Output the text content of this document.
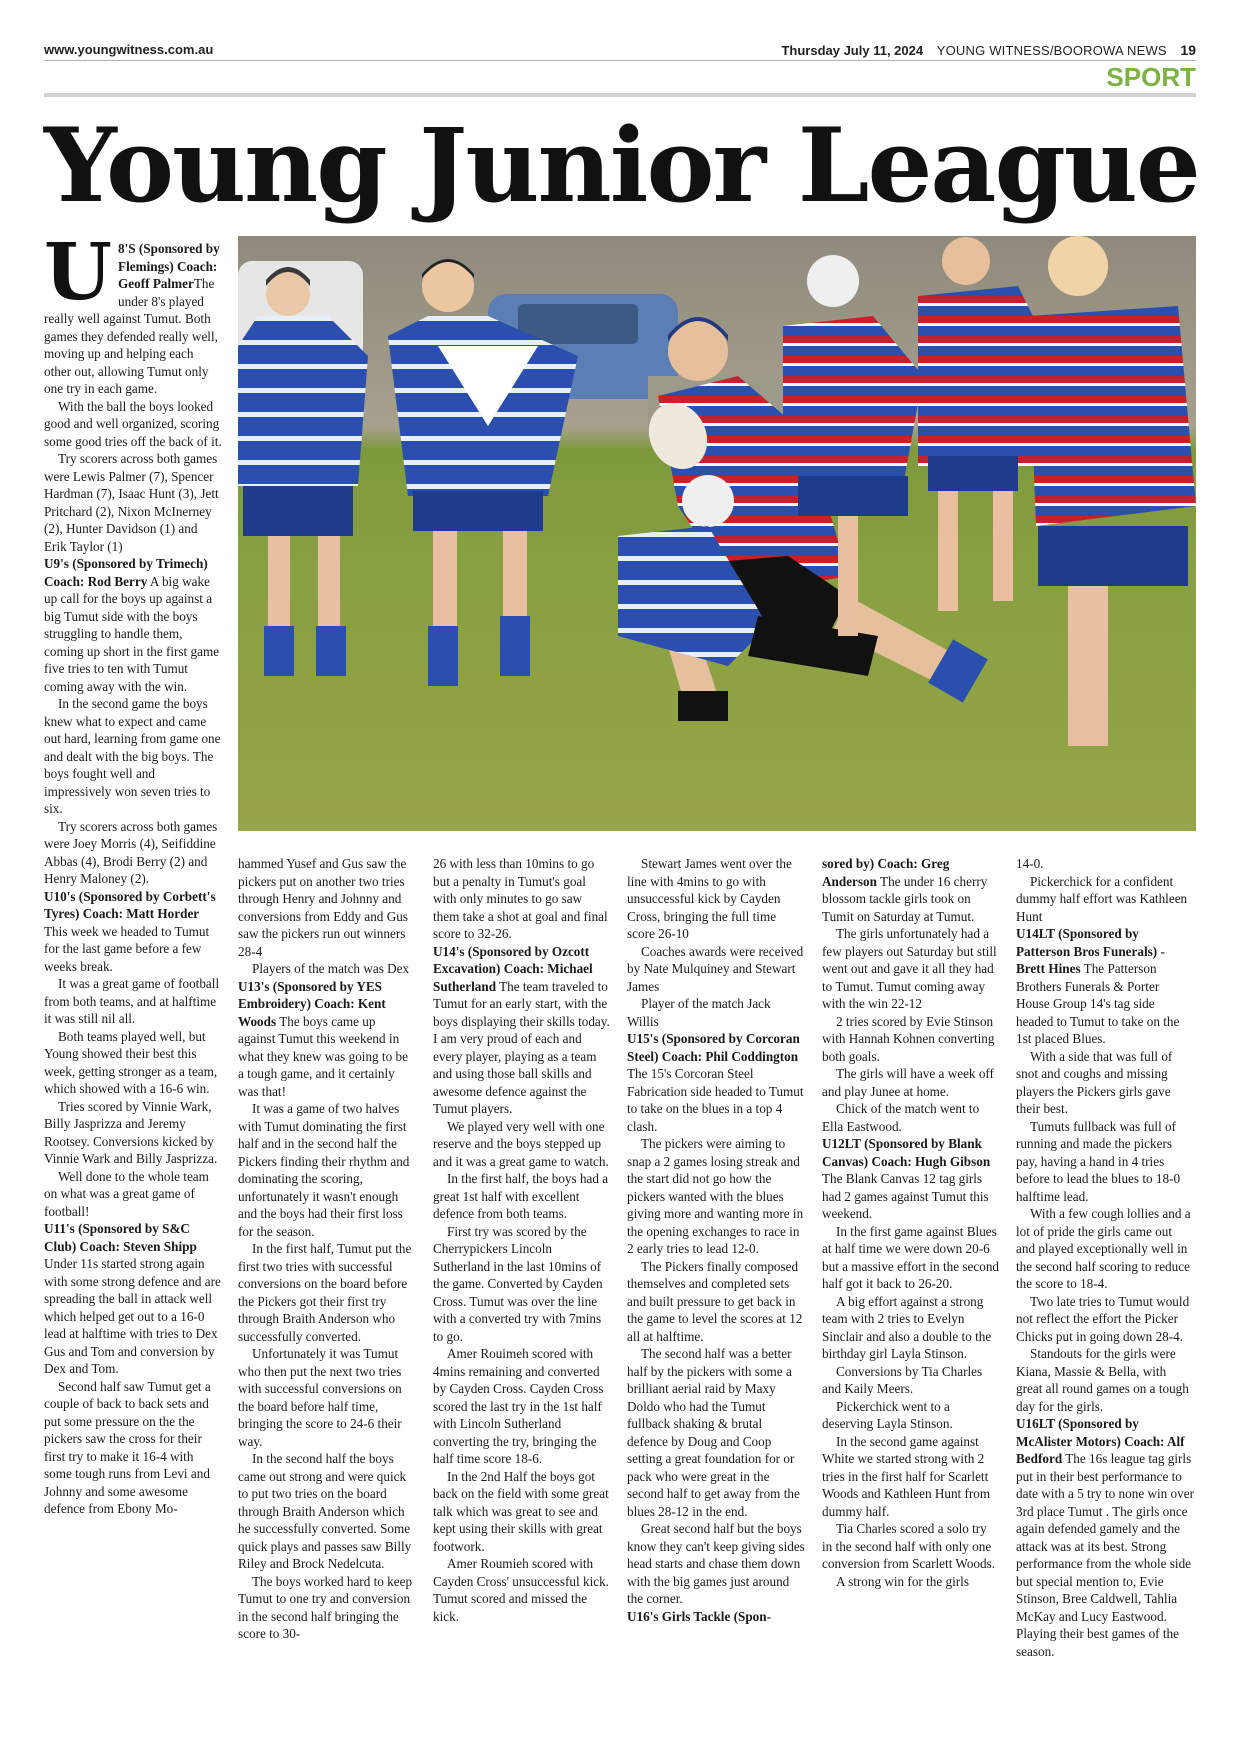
www.youngwitness.com.au	Thursday July 11, 2024 YOUNG WITNESS/BOOROWA NEWS 19
SPORT
Young Junior League

U 8'S (Sponsored by Flemings) Coach: Geoff PalmerThe under 8's played really well against Tumut. Both games they defended really well, moving up and helping each other out, allowing Tumut only one try in each game.

With the ball the boys looked good and well organized, scoring some good tries off the back of it.

Try scorers across both games were Lewis Palmer (7), Spencer Hardman (7), Isaac Hunt (3), Jett Pritchard (2), Nixon McInerney (2), Hunter Davidson (1) and Erik Taylor (1)

U9's (Sponsored by Trimech) Coach: Rod Berry A big wake up call for the boys up against a big Tumut side with the boys struggling to handle them, coming up short in the first game five tries to ten with Tumut coming away with the win.

In the second game the boys knew what to expect and came out hard, learning from game one and dealt with the big boys. The boys fought well and impressively won seven tries to six.

Try scorers across both games were Joey Morris (4), Seifiddine Abbas (4), Brodi Berry (2) and Henry Maloney (2).

U10's (Sponsored by Corbett's Tyres) Coach: Matt Horder This week we headed to Tumut for the last game before a few weeks break.

It was a great game of football from both teams, and at halftime it was still nil all.

Both teams played well, but Young showed their best this week, getting stronger as a team, which showed with a 16-6 win.

Tries scored by Vinnie Wark, Billy Jasprizza and Jeremy Rootsey. Conversions kicked by Vinnie Wark and Billy Jasprizza.

Well done to the whole team on what was a great game of football!

U11's (Sponsored by S&C Club) Coach: Steven Shipp Under 11s started strong again with some strong defence and are spreading the ball in attack well which helped get out to a 16-0 lead at halftime with tries to Dex Gus and Tom and conversion by Dex and Tom.

Second half saw Tumut get a couple of back to back sets and put some pressure on the the pickers saw the cross for their first try to make it 16-4 with some tough runs from Levi and Johnny and some awesome defence from Ebony Mo-

hammed Yusef and Gus saw the pickers put on another two tries through Henry and Johnny and conversions from Eddy and Gus saw the pickers run out winners 28-4

Players of the match was Dex

U13's (Sponsored by YES Embroidery) Coach: Kent Woods The boys came up against Tumut this weekend in what they knew was going to be a tough game, and it certainly was that!

It was a game of two halves with Tumut dominating the first half and in the second half the Pickers finding their rhythm and dominating the scoring, unfortunately it wasn't enough and the boys had their first loss for the season.

In the first half, Tumut put the first two tries with successful conversions on the board before the Pickers got their first try through Braith Anderson who successfully converted.

Unfortunately it was Tumut who then put the next two tries with successful conversions on the board before half time, bringing the score to 24-6 their way.

In the second half the boys came out strong and were quick to put two tries on the board through Braith Anderson which he successfully converted. Some quick plays and passes saw Billy Riley and Brock Nedelcuta.

The boys worked hard to keep Tumut to one try and conversion in the second half bringing the score to 30-

26 with less than 10mins to go but a penalty in Tumut's goal with only minutes to go saw them take a shot at goal and final score to 32-26.

U14's (Sponsored by Ozcott Excavation) Coach: Michael Sutherland The team traveled to Tumut for an early start, with the boys displaying their skills today. I am very proud of each and every player, playing as a team and using those ball skills and awesome defence against the Tumut players.

We played very well with one reserve and the boys stepped up and it was a great game to watch.

In the first half, the boys had a great 1st half with excellent defence from both teams.

First try was scored by the Cherrypickers Lincoln Sutherland in the last 10mins of the game. Converted by Cayden Cross. Tumut was over the line with a converted try with 7mins to go.

Amer Rouimeh scored with 4mins remaining and converted by Cayden Cross. Cayden Cross scored the last try in the 1st half with Lincoln Sutherland converting the try, bringing the half time score 18-6.

In the 2nd Half the boys got back on the field with some great talk which was great to see and kept using their skills with great footwork.

Amer Roumieh scored with Cayden Cross' unsuccessful kick. Tumut scored and missed the kick.

Stewart James went over the line with 4mins to go with unsuccessful kick by Cayden Cross, bringing the full time score 26-10

Coaches awards were received by Nate Mulquiney and Stewart James

Player of the match Jack Willis

U15's (Sponsored by Corcoran Steel) Coach: Phil Coddington The 15's Corcoran Steel Fabrication side headed to Tumut to take on the blues in a top 4 clash.

The pickers were aiming to snap a 2 games losing streak and the start did not go how the pickers wanted with the blues giving more and wanting more in the opening exchanges to race in 2 early tries to lead 12-0.

The Pickers finally composed themselves and completed sets and built pressure to get back in the game to level the scores at 12 all at halftime.

The second half was a better half by the pickers with some a brilliant aerial raid by Maxy Doldo who had the Tumut fullback shaking & brutal defence by Doug and Coop setting a great foundation for or pack who were great in the second half to get away from the blues 28-12 in the end.

Great second half but the boys know they can't keep giving sides head starts and chase them down with the big games just around the corner.

U16's Girls Tackle (Spon-

sored by) Coach: Greg Anderson The under 16 cherry blossom tackle girls took on Tumit on Saturday at Tumut.

The girls unfortunately had a few players out Saturday but still went out and gave it all they had to Tumut. Tumut coming away with the win 22-12

2 tries scored by Evie Stinson with Hannah Kohnen converting both goals.

The girls will have a week off and play Junee at home.

Chick of the match went to Ella Eastwood.

U12LT (Sponsored by Blank Canvas) Coach: Hugh Gibson The Blank Canvas 12 tag girls had 2 games against Tumut this weekend.

In the first game against Blues at half time we were down 20-6 but a massive effort in the second half got it back to 26-20.

A big effort against a strong team with 2 tries to Evelyn Sinclair and also a double to the birthday girl Layla Stinson.

Conversions by Tia Charles and Kaily Meers.

Pickerchick went to a deserving Layla Stinson.

In the second game against White we started strong with 2 tries in the first half for Scarlett Woods and Kathleen Hunt from dummy half.

Tia Charles scored a solo try in the second half with only one conversion from Scarlett Woods.

A strong win for the girls

14-0.

Pickerchick for a confident dummy half effort was Kathleen Hunt

U14LT (Sponsored by Patterson Bros Funerals) - Brett Hines The Patterson Brothers Funerals & Porter House Group 14's tag side headed to Tumut to take on the 1st placed Blues.

With a side that was full of snot and coughs and missing players the Pickers girls gave their best.

Tumuts fullback was full of running and made the pickers pay, having a hand in 4 tries before to lead the blues to 18-0 halftime lead.

With a few cough lollies and a lot of pride the girls came out and played exceptionally well in the second half scoring to reduce the score to 18-4.

Two late tries to Tumut would not reflect the effort the Picker Chicks put in going down 28-4.

Standouts for the girls were Kiana, Massie & Bella, with great all round games on a tough day for the girls.

U16LT (Sponsored by McAlister Motors) Coach: Alf Bedford The 16s league tag girls put in their best performance to date with a 5 try to none win over 3rd place Tumut . The girls once again defended gamely and the attack was at its best. Strong performance from the whole side but special mention to, Evie Stinson, Bree Caldwell, Tahlia McKay and Lucy Eastwood. Playing their best games of the season.
